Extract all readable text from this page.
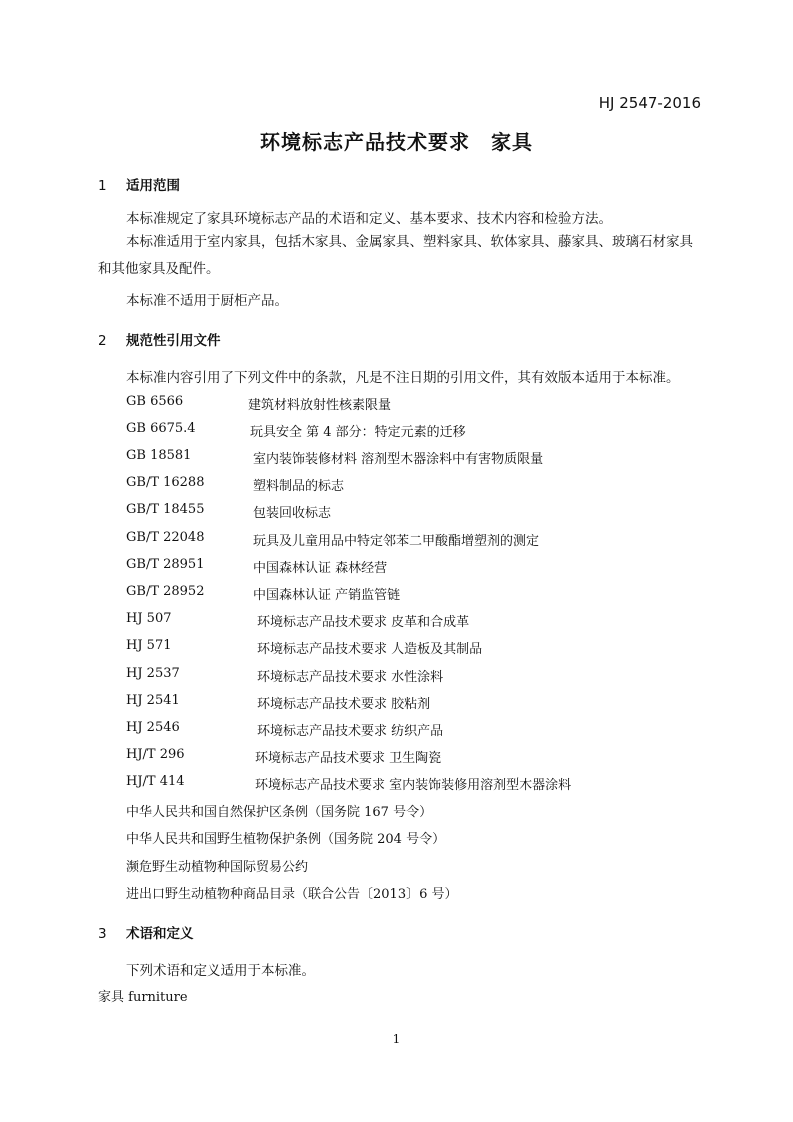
HJ 2547-2016
环境标志产品技术要求　家具
1 适用范围
本标准规定了家具环境标志产品的术语和定义、基本要求、技术内容和检验方法。
本标准适用于室内家具，包括木家具、金属家具、塑料家具、软体家具、藤家具、玻璃石材家具和其他家具及配件。
本标准不适用于厨柜产品。
2 规范性引用文件
本标准内容引用了下列文件中的条款，凡是不注日期的引用文件，其有效版本适用于本标准。
GB 6566	建筑材料放射性核素限量
GB 6675.4	玩具安全 第 4 部分：特定元素的迁移
GB 18581	室内装饰装修材料 溶剂型木器涂料中有害物质限量
GB/T 16288	塑料制品的标志
GB/T 18455	包装回收标志
GB/T 22048	玩具及儿童用品中特定邻苯二甲酸酯增塑剂的测定
GB/T 28951	中国森林认证 森林经营
GB/T 28952	中国森林认证 产销监管链
HJ 507	环境标志产品技术要求 皮革和合成革
HJ 571	环境标志产品技术要求 人造板及其制品
HJ 2537	环境标志产品技术要求 水性涂料
HJ 2541	环境标志产品技术要求 胶粘剂
HJ 2546	环境标志产品技术要求 纺织产品
HJ/T 296	环境标志产品技术要求 卫生陶瓷
HJ/T 414	环境标志产品技术要求 室内装饰装修用溶剂型木器涂料
中华人民共和国自然保护区条例（国务院 167 号令）
中华人民共和国野生植物保护条例（国务院 204 号令）
濒危野生动植物种国际贸易公约
进出口野生动植物种商品目录（联合公告〔2013〕6 号）
3 术语和定义
下列术语和定义适用于本标准。
家具 furniture
1
